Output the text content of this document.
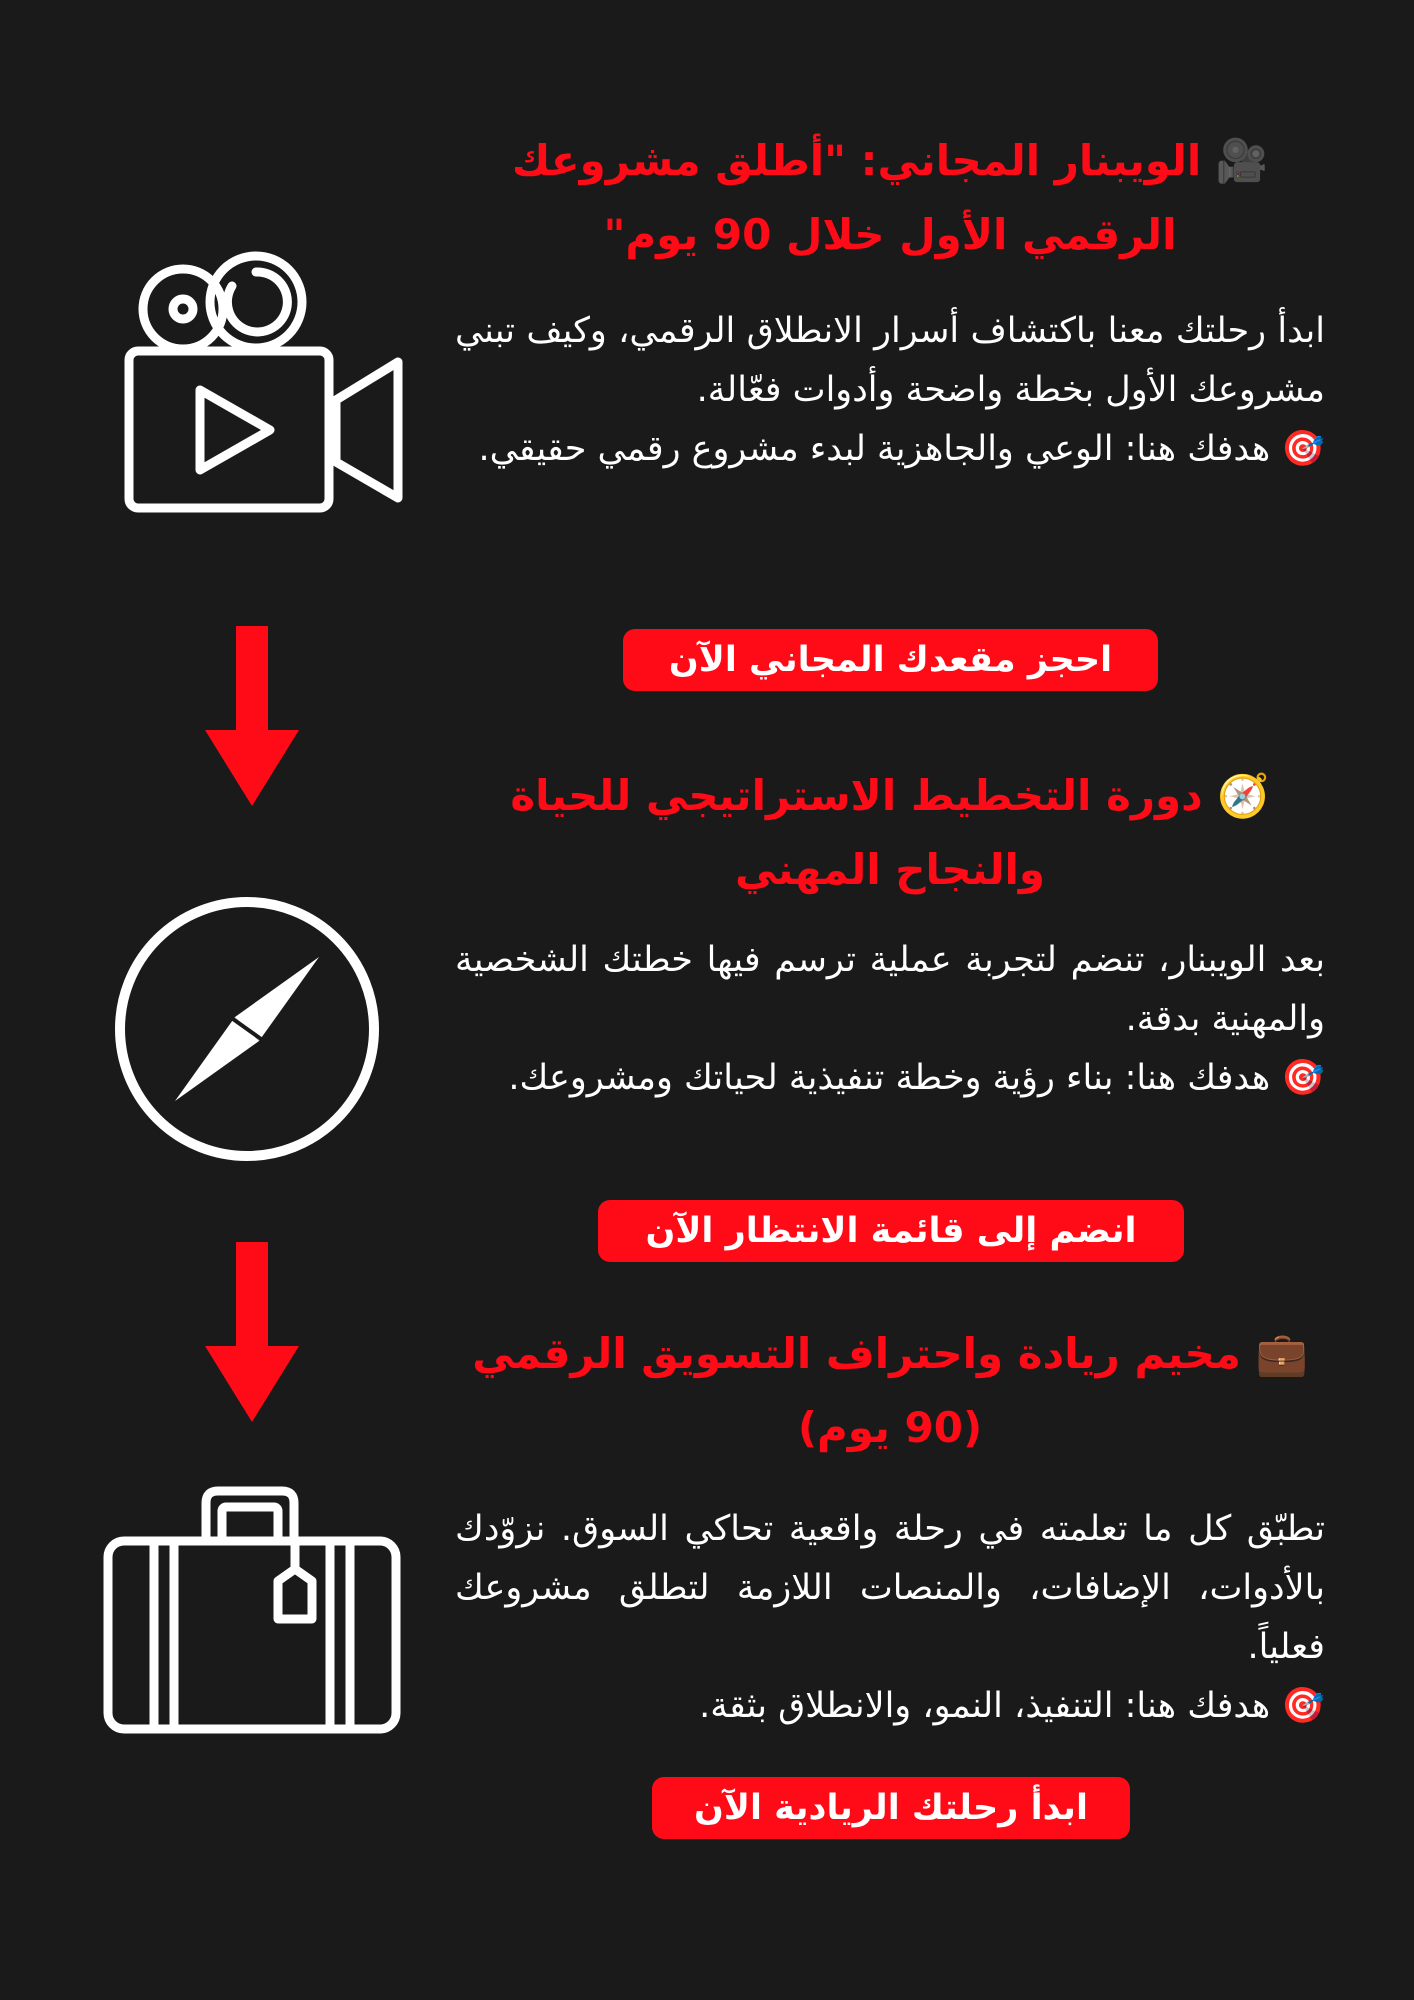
🎥 الويبنار المجاني: "أطلق مشروعك الرقمي الأول خلال 90 يوم"

ابدأ رحلتك معنا باكتشاف أسرار الانطلاق الرقمي، وكيف تبني مشروعك الأول بخطة واضحة وأدوات فعّالة.

🎯 هدفك هنا: الوعي والجاهزية لبدء مشروع رقمي حقيقي.

احجز مقعدك المجاني الآن
🧭 دورة التخطيط الاستراتيجي للحياة والنجاح المهني

بعد الويبنار، تنضم لتجربة عملية ترسم فيها خطتك الشخصية والمهنية بدقة.

🎯 هدفك هنا: بناء رؤية وخطة تنفيذية لحياتك ومشروعك.

انضم إلى قائمة الانتظار الآن
💼 مخيم ريادة واحتراف التسويق الرقمي (90 يوم)

تطبّق كل ما تعلمته في رحلة واقعية تحاكي السوق. نزوّدك بالأدوات، الإضافات، والمنصات اللازمة لتطلق مشروعك فعلياً.

🎯 هدفك هنا: التنفيذ، النمو، والانطلاق بثقة.

ابدأ رحلتك الريادية الآن
